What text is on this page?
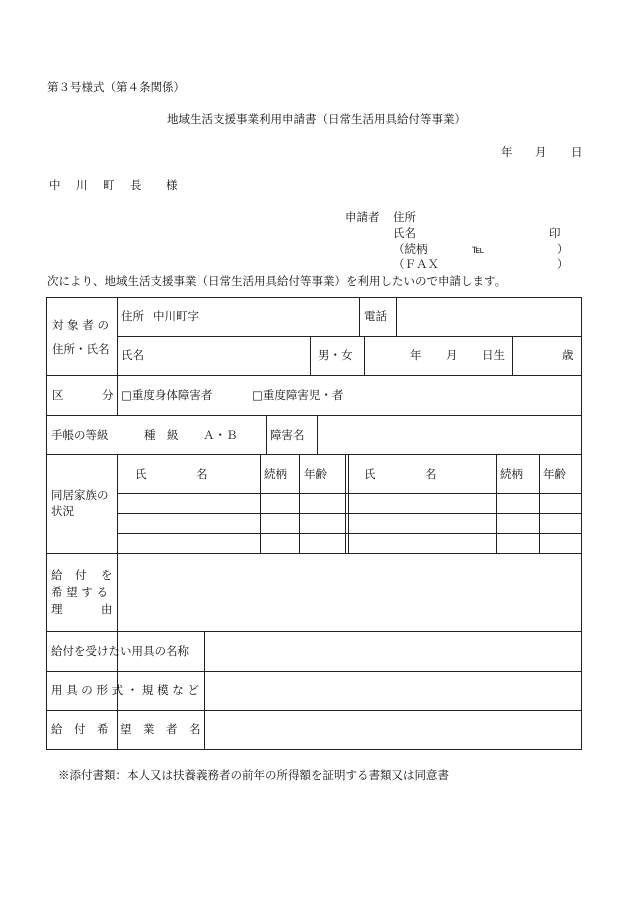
第３号様式（第４条関係）
地域生活支援事業利用申請書（日常生活用具給付等事業）
年 月 日
中　川　町　長 様
申請者 住所
氏名	印
（続柄	℡	）
（ＦＡＸ	）
次により、地域生活支援事業（日常生活用具給付等事業）を利用したいので申請します。
対 象 者 の
住所・氏名
住所 中川町字	電話
氏名	男・女	年 月 日生	歳
区	分 □重度身体障害者	□重度障害児・者
手帳の等級	種　級 Ａ・Ｂ	障害名
同居家族の
状況
氏	名	続柄 年齢	氏	名	続柄 年齢
給 付 を
希 望 す る
理	由
給付を受けたい用具の名称
用 具 の 形 式 ・ 規 模 な ど
給　付　希　望　業　者　名
※添付書類：本人又は扶養義務者の前年の所得額を証明する書類又は同意書
